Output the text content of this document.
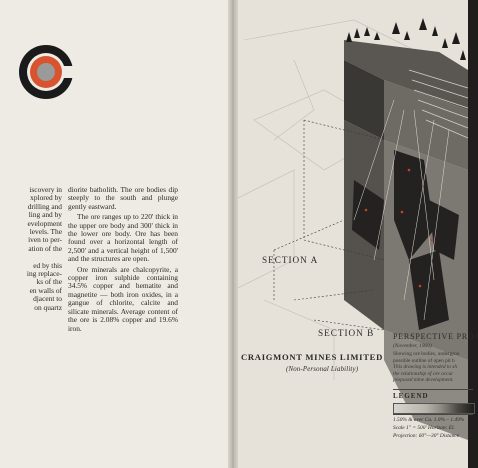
iscovery in
xplored by
drilling and
ling and by
evelopment
levels. The
iven to per-
ation of the
ed by this
ing replace-
ks of the
en walls of
djacent to
on quartz

diorite batholith. The ore bodies dip steeply to the south and plunge gently eastward.

The ore ranges up to 220' thick in the upper ore body and 300' thick in the lower ore body. Ore has been found over a horizontal length of 2,500' and a vertical height of 1,500' and the structures are open.

Ore minerals are chalcopyrite, a copper iron sulphide containing 34.5% copper and hematite and magnetite — both iron oxides, in a gangue of chlorite, calcite and silicate minerals. Average content of the ore is 2.08% copper and 19.6% iron.

SECTION A
SECTION B
CRAIGMONT MINES LIMITED
(Non-Personal Liability)
PERSPECTIVE PROJ
(November, 1960)
Showing ore bodies, undergrou
possible outline of open pit b
This drawing is intended to sh
the relationship of ore occur
proposed mine development.
LEGEND
1.50% & over Cu. 1.0% – 1.49%
Scale 1" = 500' Horizon: El.
Projection: 60°—30° Distance
